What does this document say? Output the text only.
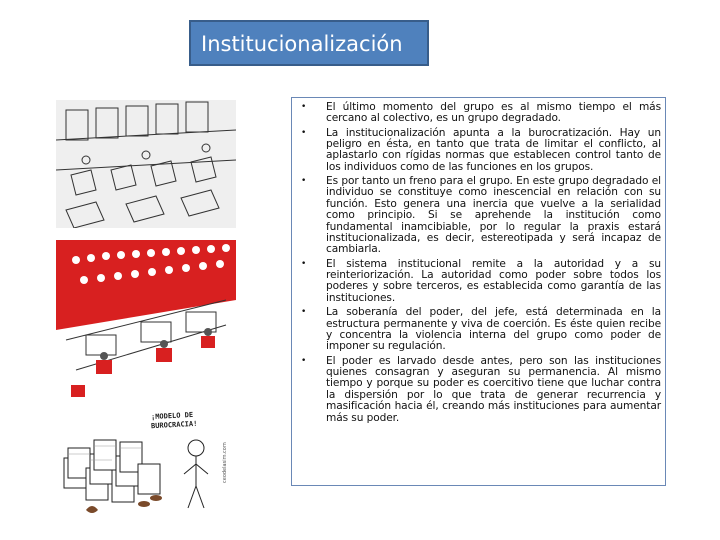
Institucionalización
¡MODELO DE
BUROCRACIA!
ceodelasim.com
• El último momento del grupo es al mismo tiempo el más cercano al colectivo, es un grupo degradado.
• La institucionalización apunta a la burocratización. Hay un peligro en ésta, en tanto que trata de limitar el conflicto, al aplastarlo con rígidas normas que establecen control tanto de los individuos como de las funciones en los grupos.
• Es por tanto un freno para el grupo. En este grupo degradado el individuo se constituye como inescencial en relación con su función. Esto genera una inercia que vuelve a la serialidad como principio. Si se aprehende la institución como fundamental inamcibiable, por lo regular la praxis estará institucionalizada, es decir, estereotipada y será incapaz de cambiarla.
• El sistema institucional remite a la autoridad y a su reinteriorización. La autoridad como poder sobre todos los poderes y sobre terceros, es establecida como garantía de las instituciones.
• La soberanía del poder, del jefe, está determinada en la estructura permanente y viva de coerción. Es éste quien recibe y concentra la violencia interna del grupo como poder de imponer su regulación.
• El poder es larvado desde antes, pero son las instituciones quienes consagran y aseguran su permanencia. Al mismo tiempo y porque su poder es coercitivo tiene que luchar contra la dispersión por lo que trata de generar recurrencia y masificación hacia él, creando más instituciones para aumentar más su poder.
